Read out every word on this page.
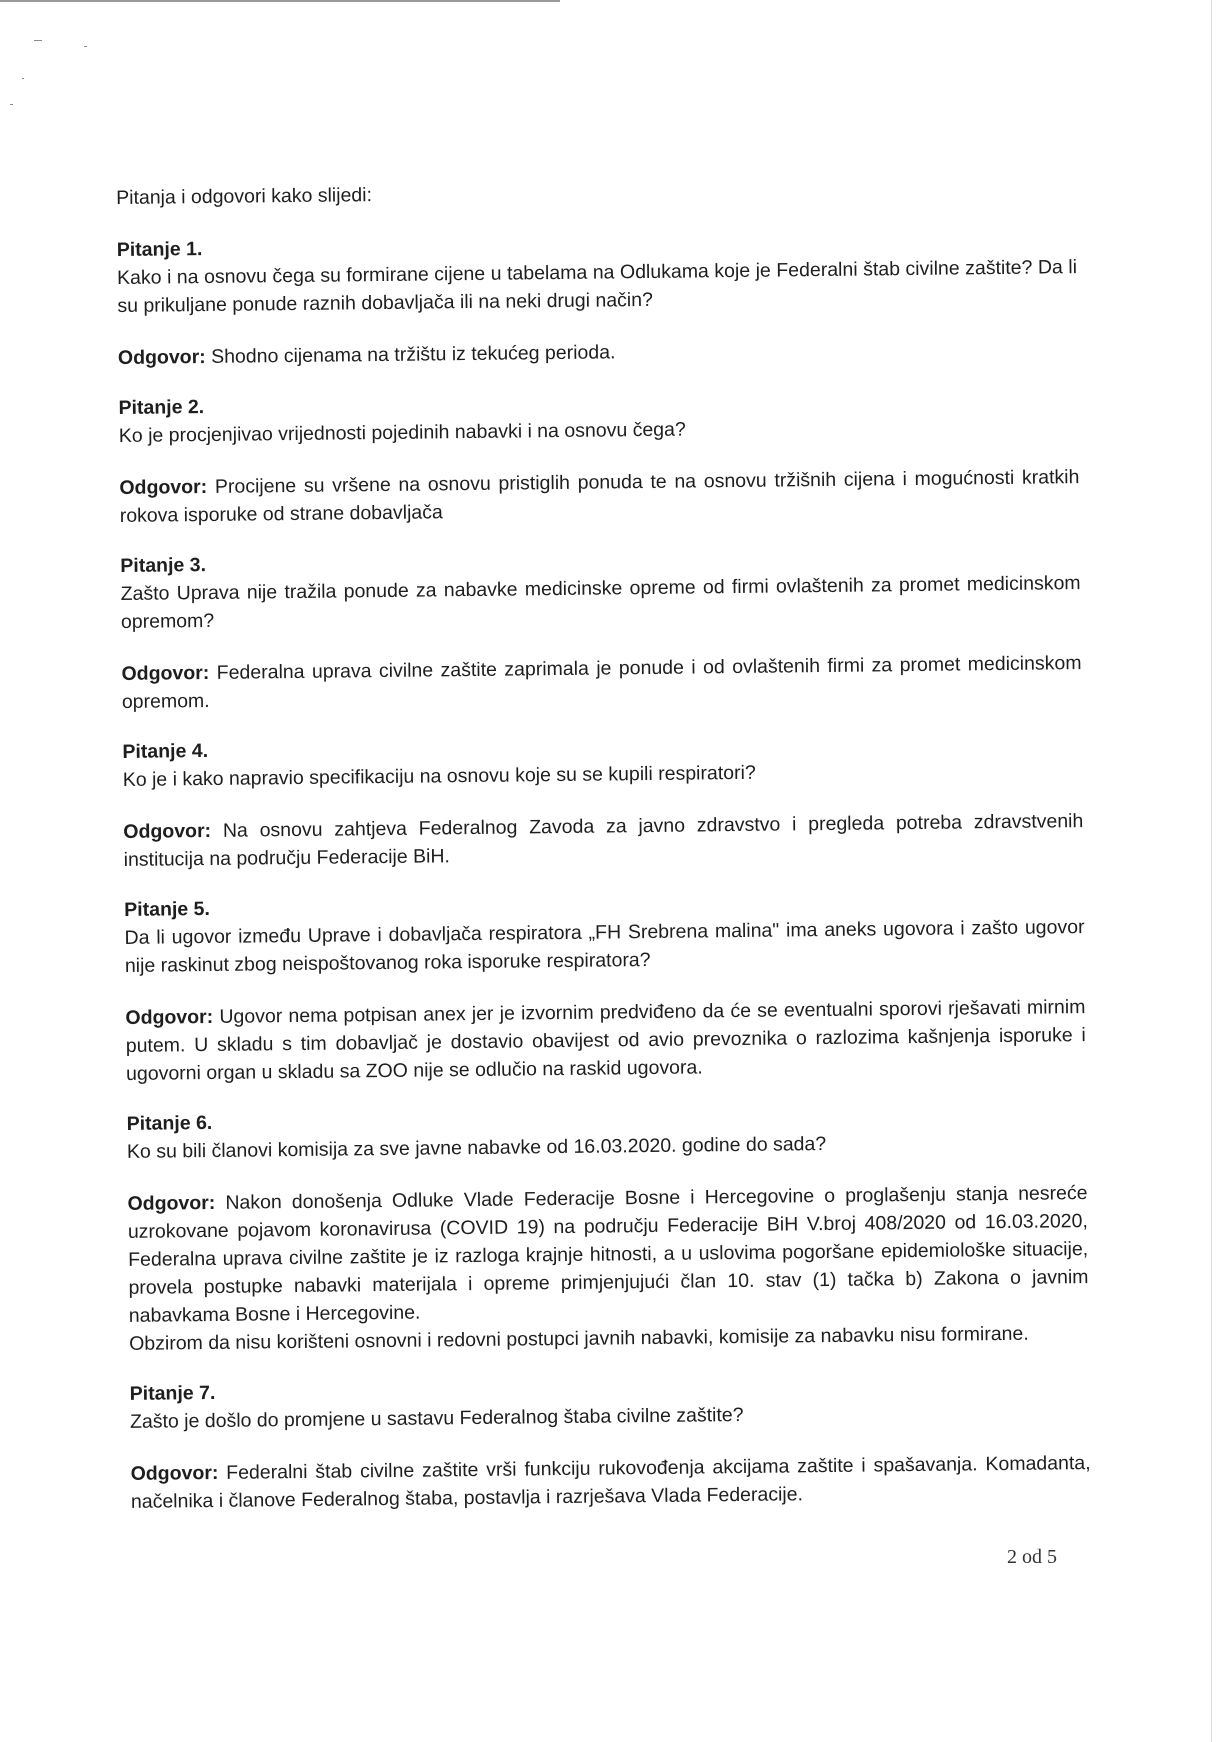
Pitanja i odgovori kako slijedi:

Pitanje 1.

Kako i na osnovu čega su formirane cijene u tabelama na Odlukama koje je Federalni štab civilne zaštite? Da li su prikuljane ponude raznih dobavljača ili na neki drugi način?

Odgovor: Shodno cijenama na tržištu iz tekućeg perioda.

Pitanje 2.

Ko je procjenjivao vrijednosti pojedinih nabavki i na osnovu čega?

Odgovor: Procijene su vršene na osnovu pristiglih ponuda te na osnovu tržišnih cijena i mogućnosti kratkih rokova isporuke od strane dobavljača

Pitanje 3.

Zašto Uprava nije tražila ponude za nabavke medicinske opreme od firmi ovlaštenih za promet medicinskom opremom?

Odgovor: Federalna uprava civilne zaštite zaprimala je ponude i od ovlaštenih firmi za promet medicinskom opremom.

Pitanje 4.

Ko je i kako napravio specifikaciju na osnovu koje su se kupili respiratori?

Odgovor: Na osnovu zahtjeva Federalnog Zavoda za javno zdravstvo i pregleda potreba zdravstvenih institucija na području Federacije BiH.

Pitanje 5.

Da li ugovor između Uprave i dobavljača respiratora „FH Srebrena malina" ima aneks ugovora i zašto ugovor nije raskinut zbog neispoštovanog roka isporuke respiratora?

Odgovor: Ugovor nema potpisan anex jer je izvornim predviđeno da će se eventualni sporovi rješavati mirnim putem. U skladu s tim dobavljač je dostavio obavijest od avio prevoznika o razlozima kašnjenja isporuke i ugovorni organ u skladu sa ZOO nije se odlučio na raskid ugovora.

Pitanje 6.

Ko su bili članovi komisija za sve javne nabavke od 16.03.2020. godine do sada?

Odgovor: Nakon donošenja Odluke Vlade Federacije Bosne i Hercegovine o proglašenju stanja nesreće uzrokovane pojavom koronavirusa (COVID 19) na području Federacije BiH V.broj 408/2020 od 16.03.2020, Federalna uprava civilne zaštite je iz razloga krajnje hitnosti, a u uslovima pogoršane epidemiološke situacije, provela postupke nabavki materijala i opreme primjenjujući član 10. stav (1) tačka b) Zakona o javnim nabavkama Bosne i Hercegovine.

Obzirom da nisu korišteni osnovni i redovni postupci javnih nabavki, komisije za nabavku nisu formirane.

Pitanje 7.

Zašto je došlo do promjene u sastavu Federalnog štaba civilne zaštite?

Odgovor: Federalni štab civilne zaštite vrši funkciju rukovođenja akcijama zaštite i spašavanja. Komadanta, načelnika i članove Federalnog štaba, postavlja i razrješava Vlada Federacije.

2 od 5
